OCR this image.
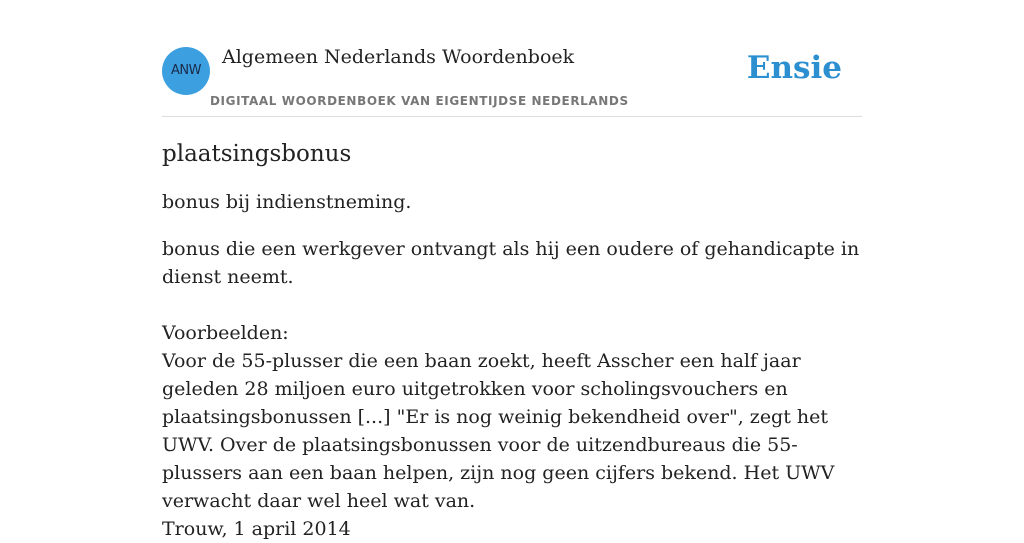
ANW
Algemeen Nederlands Woordenboek
DIGITAAL WOORDENBOEK VAN EIGENTIJDSE NEDERLANDS
Ensie
plaatsingsbonus

bonus bij indienstneming.

bonus die een werkgever ontvangt als hij een oudere of gehandicapte in dienst neemt.

Voorbeelden:
Voor de 55-plusser die een baan zoekt, heeft Asscher een half jaar geleden 28 miljoen euro uitgetrokken voor scholingsvouchers en plaatsingsbonussen [...] "Er is nog weinig bekendheid over", zegt het UWV. Over de plaatsingsbonussen voor de uitzendbureaus die 55-plussers aan een baan helpen, zijn nog geen cijfers bekend. Het UWV verwacht daar wel heel wat van.
Trouw, 1 april 2014
